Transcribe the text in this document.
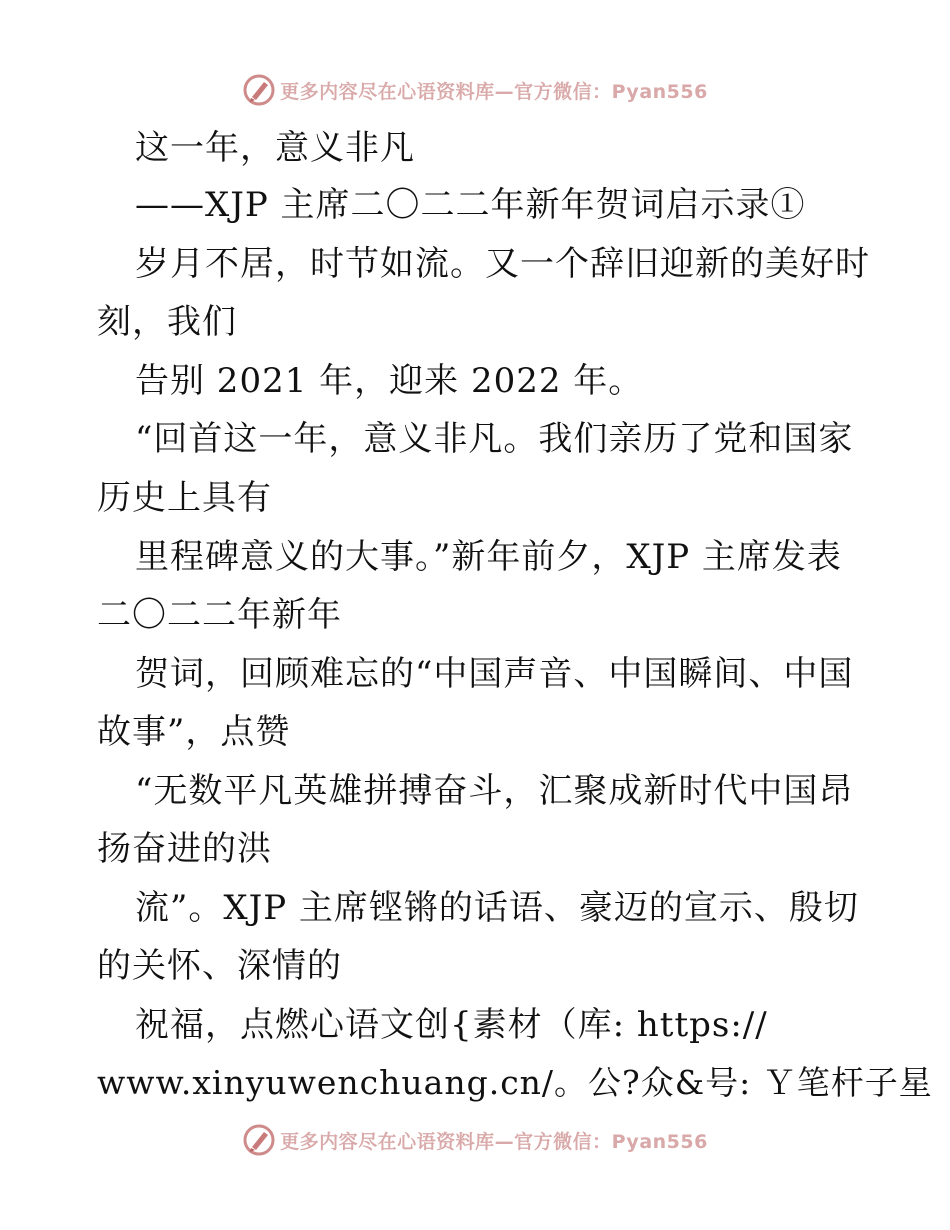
更多内容尽在心语资料库—官方微信：Pyan556
这一年，意义非凡
——XJP 主席二〇二二年新年贺词启示录①
岁月不居，时节如流。又一个辞旧迎新的美好时
刻，我们
告别 2021 年，迎来 2022 年。
“回首这一年，意义非凡。我们亲历了党和国家
历史上具有
里程碑意义的大事。”新年前夕，XJP 主席发表
二〇二二年新年
贺词，回顾难忘的“中国声音、中国瞬间、中国
故事”，点赞
“无数平凡英雄拼搏奋斗，汇聚成新时代中国昂
扬奋进的洪
流”。XJP 主席铿锵的话语、豪迈的宣示、殷切
的关怀、深情的
祝福，点燃心语文创{素材（库: https://
www.xinyuwenchuang.cn/。公?众&号: Ｙ笔杆子星
更多内容尽在心语资料库—官方微信：Pyan556
